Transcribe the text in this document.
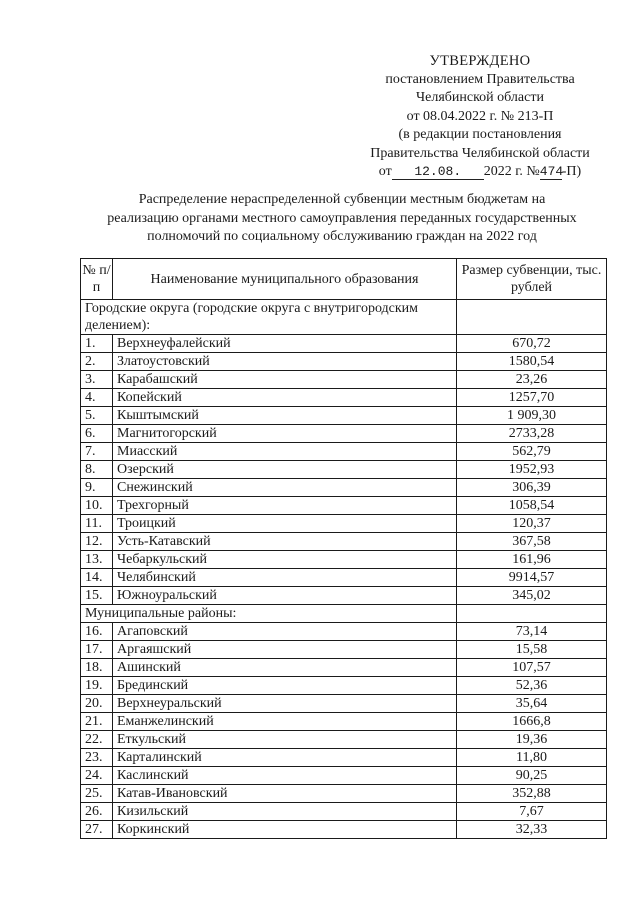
УТВЕРЖДЕНО
постановлением Правительства
Челябинской области
от 08.04.2022 г. № 213-П
(в редакции постановления
Правительства Челябинской области
от 12.08. 2022 г. №474-П)
Распределение нераспределенной субвенции местным бюджетам на
реализацию органами местного самоуправления переданных государственных
полномочий по социальному обслуживанию граждан на 2022 год
№ п/п	Наименование муниципального образования	Размер субвенции, тыс. рублей
Городские округа (городские округа с внутригородским делением):		
1.	Верхнеуфалейский	670,72
2.	Златоустовский	1580,54
3.	Карабашский	23,26
4.	Копейский	1257,70
5.	Кыштымский	1 909,30
6.	Магнитогорский	2733,28
7.	Миасский	562,79
8.	Озерский	1952,93
9.	Снежинский	306,39
10.	Трехгорный	1058,54
11.	Троицкий	120,37
12.	Усть-Катавский	367,58
13.	Чебаркульский	161,96
14.	Челябинский	9914,57
15.	Южноуральский	345,02
Муниципальные районы:		
16.	Агаповский	73,14
17.	Аргаяшский	15,58
18.	Ашинский	107,57
19.	Брединский	52,36
20.	Верхнеуральский	35,64
21.	Еманжелинский	1666,8
22.	Еткульский	19,36
23.	Карталинский	11,80
24.	Каслинский	90,25
25.	Катав-Ивановский	352,88
26.	Кизильский	7,67
27.	Коркинский	32,33
